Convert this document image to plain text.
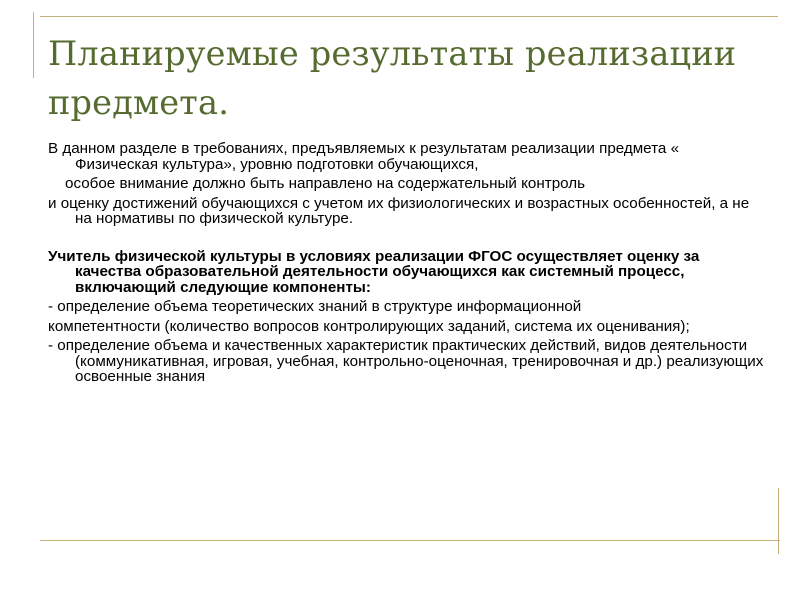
Планируемые результаты реализации предмета.

В данном разделе в требованиях, предъявляемых к результатам реализации предмета « Физическая культура», уровню подготовки обучающихся,

особое внимание должно быть направлено на содержательный контроль

и оценку достижений обучающихся с учетом их физиологических и возрастных особенностей, а не на нормативы по физической культуре.

Учитель физической культуры в условиях реализации ФГОС осуществляет оценку за качества образовательной деятельности обучающихся как системный процесс, включающий следующие компоненты:

- определение объема теоретических знаний в структуре информационной

компетентности (количество вопросов контролирующих заданий, система их оценивания);

- определение объема и качественных характеристик практических действий, видов деятельности (коммуникативная, игровая, учебная, контрольно-оценочная, тренировочная и др.) реализующих освоенные знания
